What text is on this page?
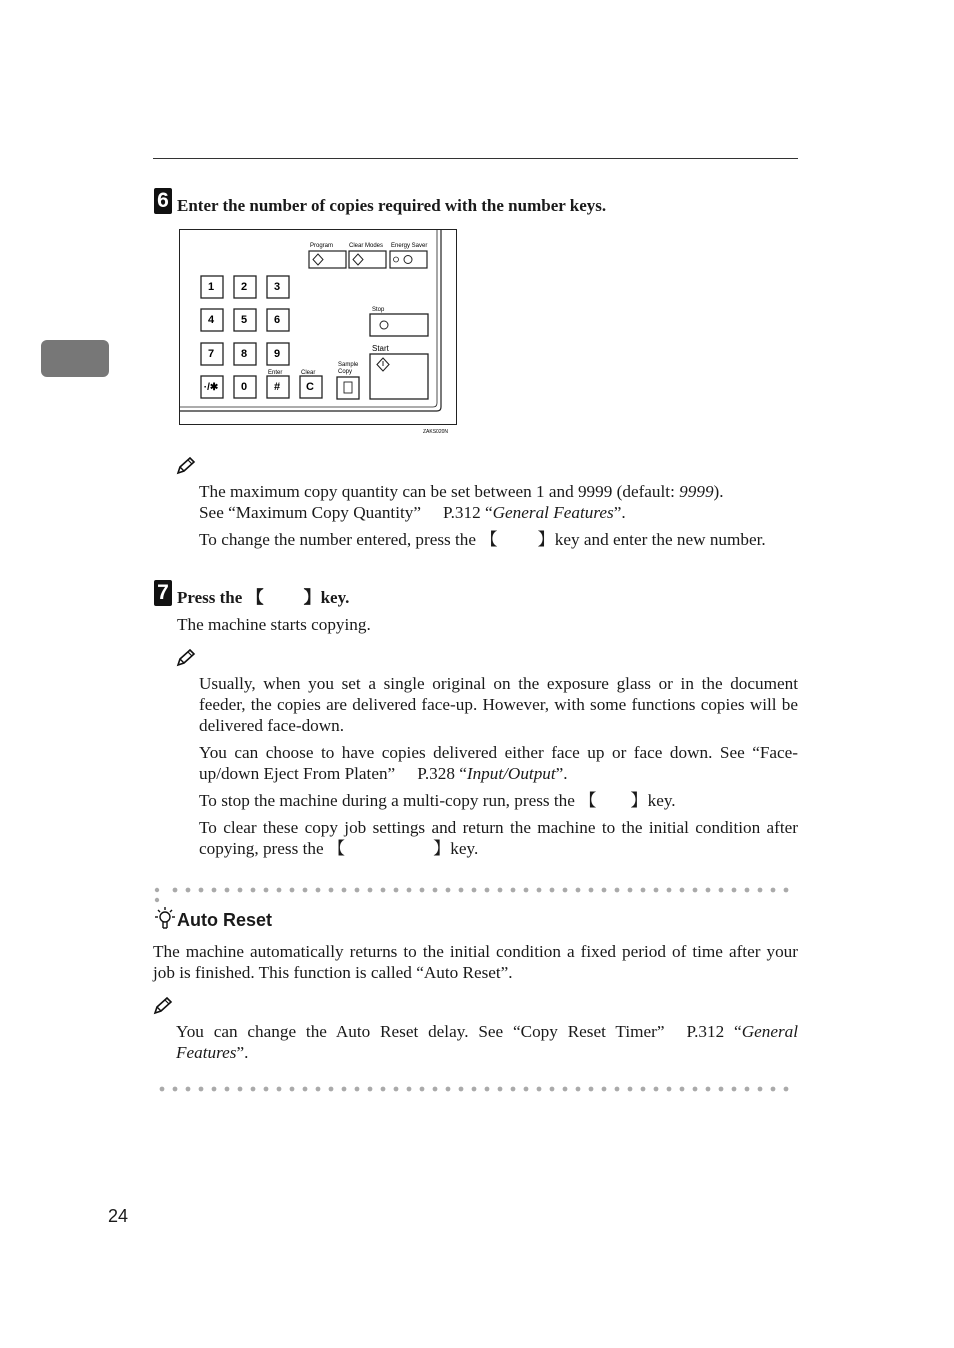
6 Enter the number of copies required with the number keys.
Program	Clear Modes Energy Saver
1 2 3
4 5 6
7 8 9
·/✱ 0 # C
Enter	Clear
Sample
Copy
Stop
Start
ZAKS020N
The maximum copy quantity can be set between 1 and 9999 (default: 9999).
See “Maximum Copy Quantity” P.312 “General Features”.
To change the number entered, press the 【 】key and enter the new number.
7 Press the 【 】key.
The machine starts copying.
Usually, when you set a single original on the exposure glass or in the document feeder, the copies are delivered face-up. However, with some functions copies will be delivered face-down.
You can choose to have copies delivered either face up or face down. See “Face-up/down Eject From Platen” P.328 “Input/Output”.
To stop the machine during a multi-copy run, press the 【 】key.
To clear these copy job settings and return the machine to the initial condition after copying, press the 【	】key.
Auto Reset
The machine automatically returns to the initial condition a fixed period of time after your job is finished. This function is called “Auto Reset”.
You can change the Auto Reset delay. See “Copy Reset Timer” P.312 “General Features”.
24
